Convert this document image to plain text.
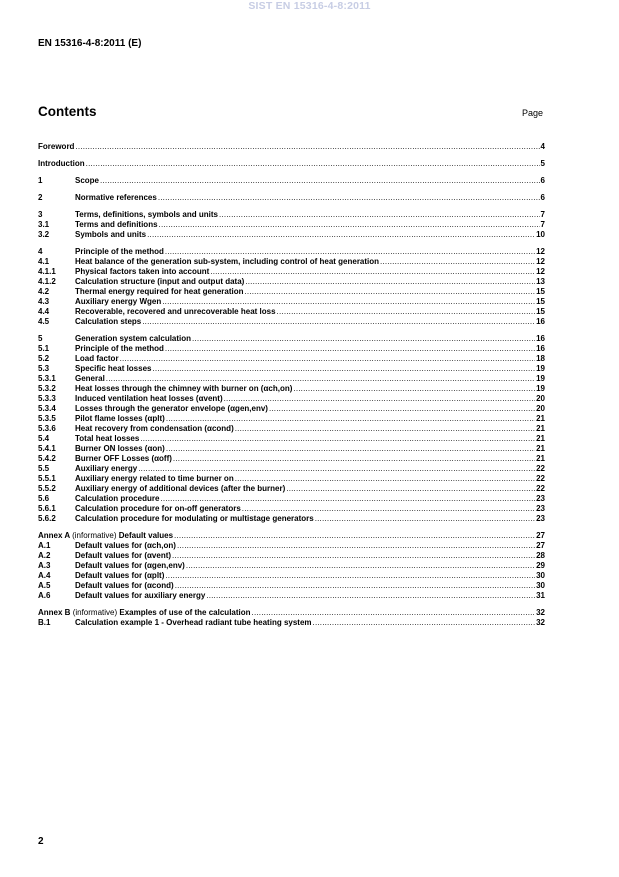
SIST EN 15316-4-8:2011
EN 15316-4-8:2011 (E)
Contents	Page
Foreword .....	4
Introduction .....	5
1	Scope .....	6
2	Normative references .....	6
3	Terms, definitions, symbols and units .....	7
3.1	Terms and definitions .....	7
3.2	Symbols and units .....	10
4	Principle of the method .....	12
4.1	Heat balance of the generation sub-system, including control of heat generation .....	12
4.1.1	Physical factors taken into account .....	12
4.1.2	Calculation structure (input and output data) .....	13
4.2	Thermal energy required for heat generation .....	15
4.3	Auxiliary energy Wgen .....	15
4.4	Recoverable, recovered and unrecoverable heat loss .....	15
4.5	Calculation steps .....	16
5	Generation system calculation .....	16
5.1	Principle of the method .....	16
5.2	Load factor .....	18
5.3	Specific heat losses .....	19
5.3.1	General .....	19
5.3.2	Heat losses through the chimney with burner on (αch,on) .....	19
5.3.3	Induced ventilation heat losses (αvent) .....	20
5.3.4	Losses through the generator envelope (αgen,env) .....	20
5.3.5	Pilot flame losses (αplt) .....	21
5.3.6	Heat recovery from condensation (αcond) .....	21
5.4	Total heat losses .....	21
5.4.1	Burner ON losses (αon) .....	21
5.4.2	Burner OFF Losses (αoff) .....	21
5.5	Auxiliary energy .....	22
5.5.1	Auxiliary energy related to time burner on .....	22
5.5.2	Auxiliary energy of additional devices (after the burner) .....	22
5.6	Calculation procedure .....	23
5.6.1	Calculation procedure for on-off generators .....	23
5.6.2	Calculation procedure for modulating or multistage generators .....	23
Annex A (informative) Default values .....	27
A.1	Default values for (αch,on) .....	27
A.2	Default values for (αvent) .....	28
A.3	Default values for (αgen,env) .....	29
A.4	Default values for (αplt) .....	30
A.5	Default values for (αcond) .....	30
A.6	Default values for auxiliary energy .....	31
Annex B (informative) Examples of use of the calculation .....	32
B.1	Calculation example 1 - Overhead radiant tube heating system .....	32
2
